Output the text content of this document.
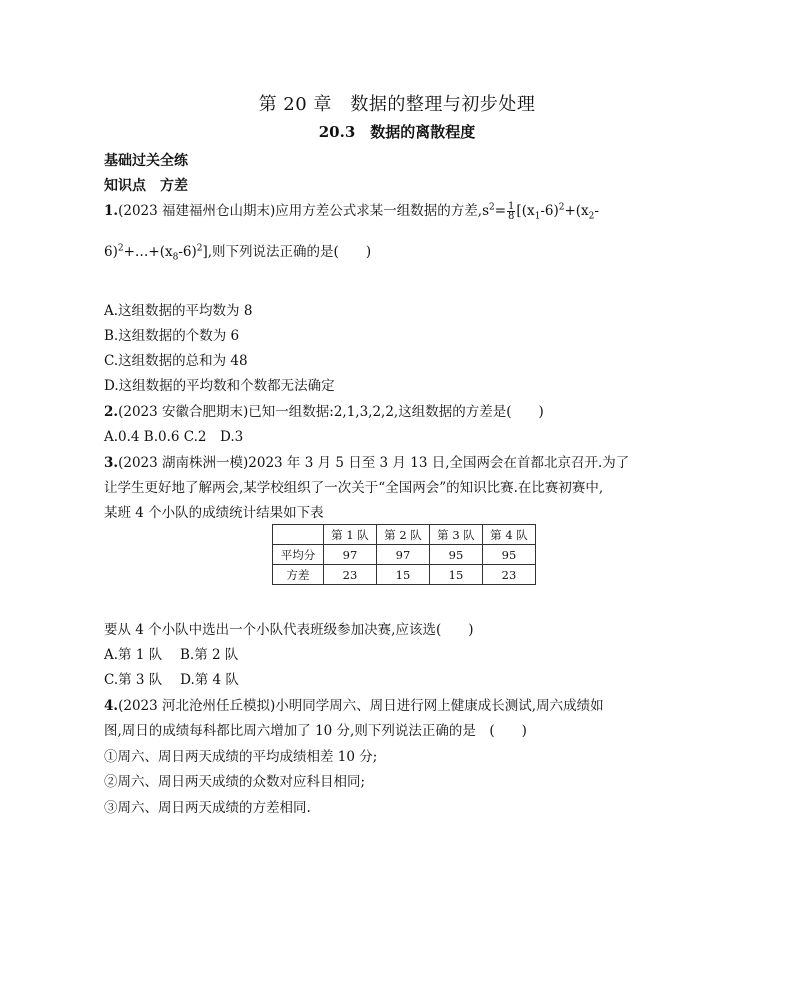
第 20 章　数据的整理与初步处理
20.3　数据的离散程度
基础过关全练
知识点　方差
1.(2023 福建福州仓山期末)应用方差公式求某一组数据的方差$,s^2= \frac{1}{8} [(x_1-6)^2+(x_2-$
$6)^2+\dots+(x_8-6)^2$],则下列说法正确的是(　　)
A.这组数据的平均数为 8
B.这组数据的个数为 6
C.这组数据的总和为 48
D.这组数据的平均数和个数都无法确定
2.(2023 安徽合肥期末)已知一组数据:2,1,3,2,2,这组数据的方差是(　　)
A.0.4 B.0.6 C.2　D.3
3.(2023 湖南株洲一模)2023 年 3 月 5 日至 3 月 13 日,全国两会在首都北京召开.为了
让学生更好地了解两会,某学校组织了一次关于“全国两会”的知识比赛.在比赛初赛中,
某班 4 个小队的成绩统计结果如下表
	第 1 队	第 2 队	第 3 队	第 4 队
平均分	97	97	95	95
方差	23	15	15	23
要从 4 个小队中选出一个小队代表班级参加决赛,应该选(　　)
A.第 1 队　 B.第 2 队
C.第 3 队　 D.第 4 队
4.(2023 河北沧州任丘模拟)小明同学周六、周日进行网上健康成长测试,周六成绩如
图,周日的成绩每科都比周六增加了 10 分,则下列说法正确的是　(　　)
①周六、周日两天成绩的平均成绩相差 10 分;
②周六、周日两天成绩的众数对应科目相同;
③周六、周日两天成绩的方差相同.
